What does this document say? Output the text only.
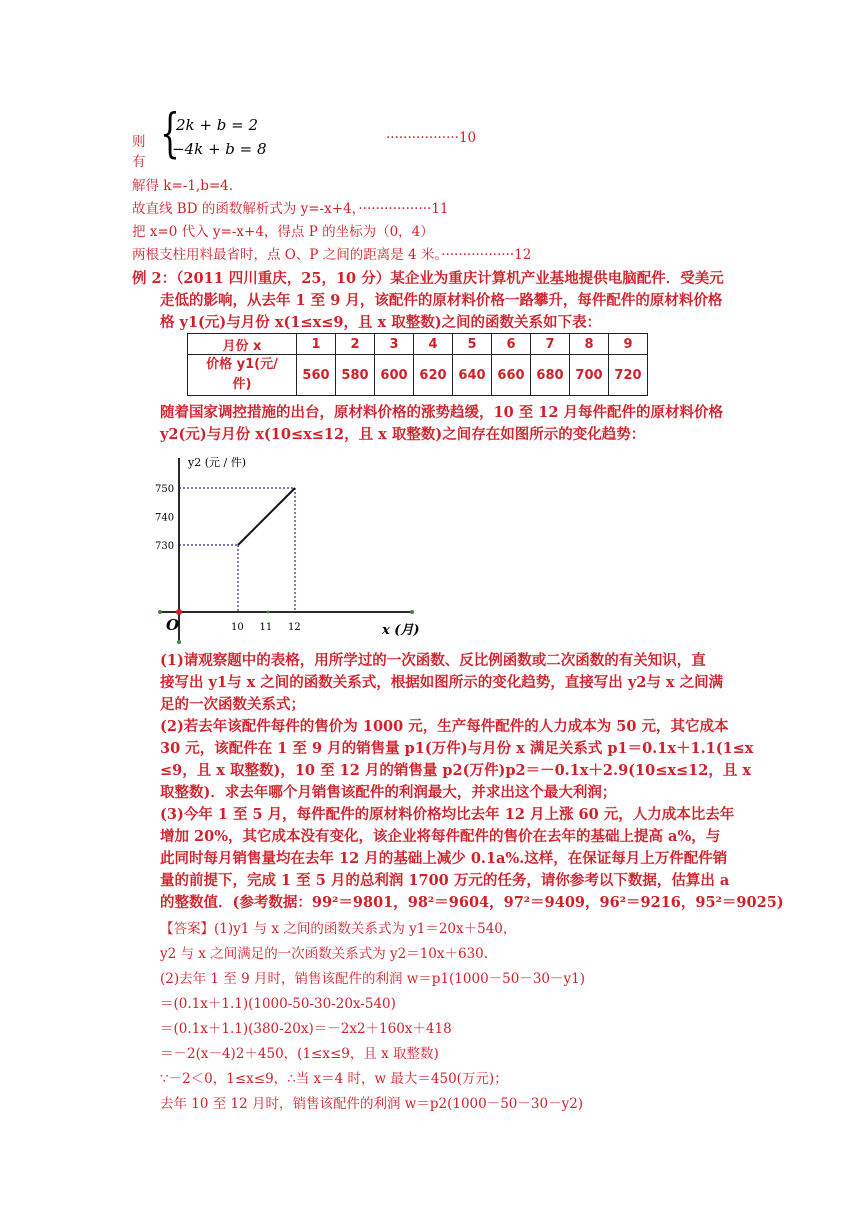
则有 {
2k + b = 2
−4k + b = 8
·················10
解得 k=-1,b=4.
故直线 BD 的函数解析式为 y=-x+4，·················11
把 x=0 代入 y=-x+4，得点 P 的坐标为（0，4）
两根支柱用料最省时，点 O、P 之间的距离是 4 米。·················12
例 2：（2011 四川重庆，25，10 分）某企业为重庆计算机产业基地提供电脑配件．受美元
走低的影响，从去年 1 至 9 月，该配件的原材料价格一路攀升，每件配件的原材料价格
格 y1(元)与月份 x(1≤x≤9，且 x 取整数)之间的函数关系如下表：
月份 x	1	2	3	4	5	6	7	8	9
价格 y1(元/
件)	560	580	600	620	640	660	680	700	720
随着国家调控措施的出台，原材料价格的涨势趋缓，10 至 12 月每件配件的原材料价格
y2(元)与月份 x(10≤x≤12，且 x 取整数)之间存在如图所示的变化趋势：
y2 (元 / 件)
x (月)
O	10 11 12
730
740
750
(1)请观察题中的表格，用所学过的一次函数、反比例函数或二次函数的有关知识，直
接写出 y1与 x 之间的函数关系式，根据如图所示的变化趋势，直接写出 y2与 x 之间满
足的一次函数关系式；
(2)若去年该配件每件的售价为 1000 元，生产每件配件的人力成本为 50 元，其它成本
30 元，该配件在 1 至 9 月的销售量 p1(万件)与月份 x 满足关系式 p1＝0.1x＋1.1(1≤x
≤9，且 x 取整数)，10 至 12 月的销售量 p2(万件)p2＝－0.1x＋2.9(10≤x≤12，且 x
取整数)．求去年哪个月销售该配件的利润最大，并求出这个最大利润；
(3)今年 1 至 5 月，每件配件的原材料价格均比去年 12 月上涨 60 元，人力成本比去年
增加 20%，其它成本没有变化，该企业将每件配件的售价在去年的基础上提高 a%，与
此同时每月销售量均在去年 12 月的基础上减少 0.1a%.这样，在保证每月上万件配件销
量的前提下，完成 1 至 5 月的总利润 1700 万元的任务，请你参考以下数据，估算出 a
的整数值．(参考数据：99²＝9801，98²＝9604，97²＝9409，96²＝9216，95²＝9025)
【答案】(1)y1 与 x 之间的函数关系式为 y1＝20x＋540，
y2 与 x 之间满足的一次函数关系式为 y2＝10x＋630.
(2)去年 1 至 9 月时，销售该配件的利润 w＝p1(1000－50－30－y1)
＝(0.1x＋1.1)(1000-50-30-20x-540)
＝(0.1x＋1.1)(380-20x)＝－2x2＋160x＋418
＝－2(x－4)2＋450，(1≤x≤9，且 x 取整数)
∵－2＜0，1≤x≤9，∴当 x＝4 时，w 最大＝450(万元)；
去年 10 至 12 月时，销售该配件的利润 w＝p2(1000－50－30－y2)
